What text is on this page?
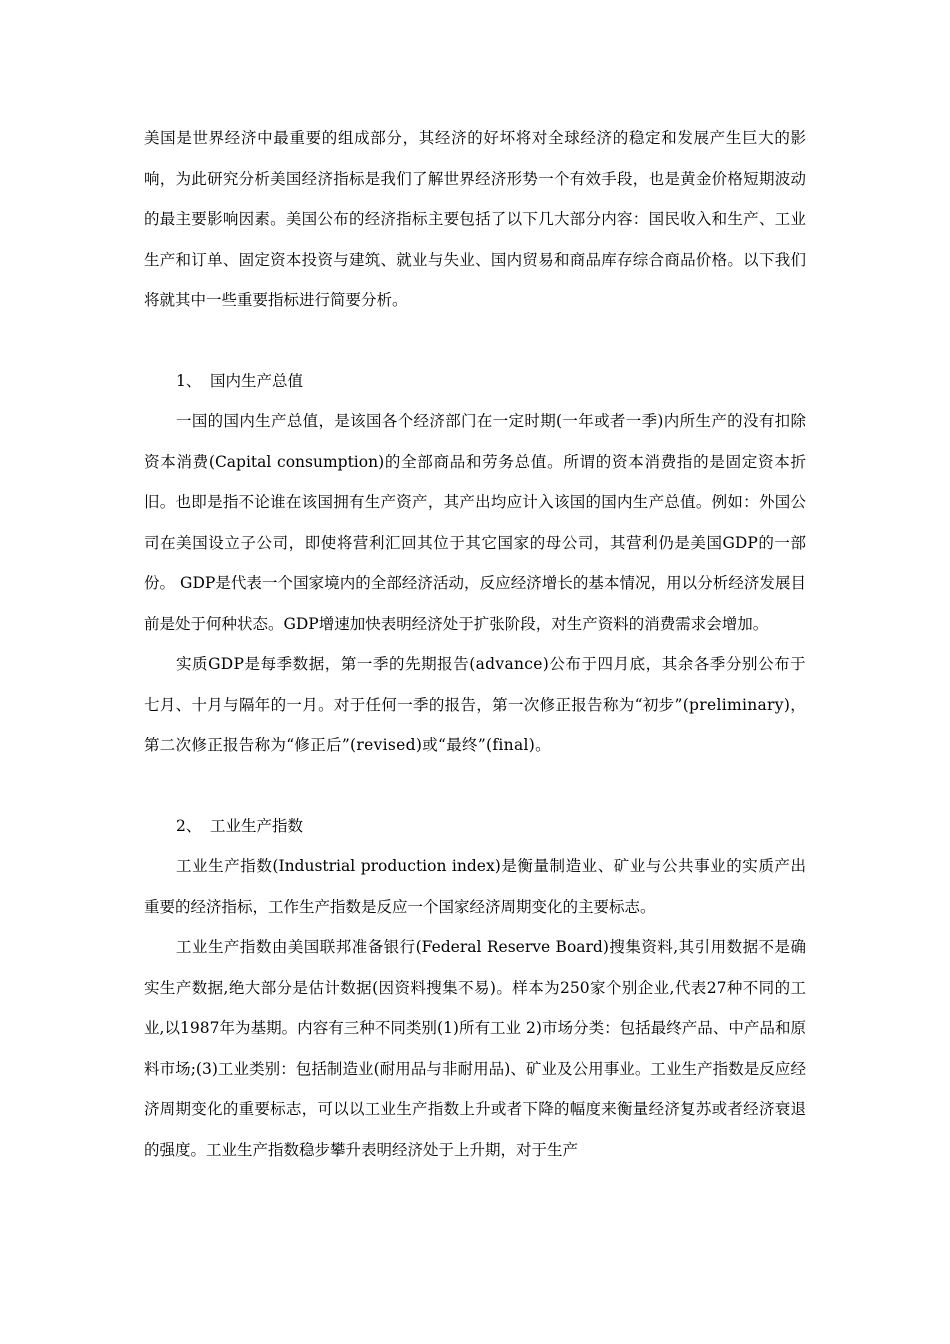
美国是世界经济中最重要的组成部分，其经济的好坏将对全球经济的稳定和发展产生巨大的影响，为此研究分析美国经济指标是我们了解世界经济形势一个有效手段，也是黄金价格短期波动的最主要影响因素。美国公布的经济指标主要包括了以下几大部分内容：国民收入和生产、工业生产和订单、固定资本投资与建筑、就业与失业、国内贸易和商品库存综合商品价格。以下我们将就其中一些重要指标进行简要分析。

1、 国内生产总值

一国的国内生产总值，是该国各个经济部门在一定时期(一年或者一季)内所生产的没有扣除资本消费(Capital consumption)的全部商品和劳务总值。所谓的资本消费指的是固定资本折旧。也即是指不论谁在该国拥有生产资产，其产出均应计入该国的国内生产总值。例如：外国公司在美国设立子公司，即使将营利汇回其位于其它国家的母公司，其营利仍是美国GDP的一部份。 GDP是代表一个国家境内的全部经济活动，反应经济增长的基本情况，用以分析经济发展目前是处于何种状态。GDP增速加快表明经济处于扩张阶段，对生产资料的消费需求会增加。

实质GDP是每季数据，第一季的先期报告(advance)公布于四月底，其余各季分别公布于七月、十月与隔年的一月。对于任何一季的报告，第一次修正报告称为“初步”(preliminary)，第二次修正报告称为“修正后”(revised)或“最终”(final)。

2、 工业生产指数

工业生产指数(Industrial production index)是衡量制造业、矿业与公共事业的实质产出重要的经济指标，工作生产指数是反应一个国家经济周期变化的主要标志。

工业生产指数由美国联邦准备银行(Federal Reserve Board)搜集资料,其引用数据不是确实生产数据,绝大部分是估计数据(因资料搜集不易)。样本为250家个别企业,代表27种不同的工业,以1987年为基期。内容有三种不同类别(1)所有工业 2)市场分类：包括最终产品、中产品和原料市场;(3)工业类别：包括制造业(耐用品与非耐用品)、矿业及公用事业。工业生产指数是反应经济周期变化的重要标志，可以以工业生产指数上升或者下降的幅度来衡量经济复苏或者经济衰退的强度。工业生产指数稳步攀升表明经济处于上升期，对于生产
